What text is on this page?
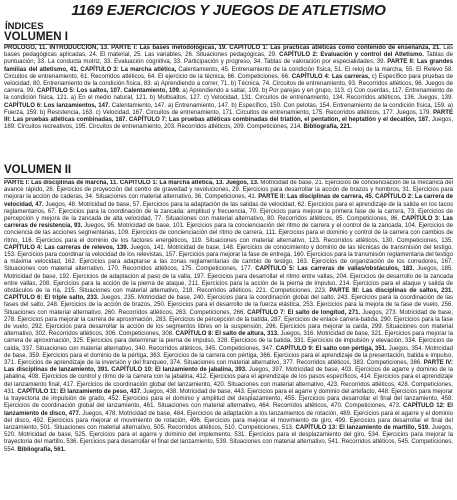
1169 EJERCICIOS Y JUEGOS DE ATLETISMO
ÍNDICES
VOLUMEN I
PROLOGO, 11. INTRODUCCIÓN, 13. PARTE I: Las bases metodológicas, 19. CAPÍTULO 1: Las prácticas atléticas como contenido de enseñanza, 21. Las bases pedagógicas aplicadas, 24. El material, 25. Las variables, 26. Situaciones pedagógicas, 29. CAPÍTULO 2: Evaluación y control del Atletismo. Tablas de puntuación, 33. La conducta motriz, 33. Evaluación cognitiva, 33. Participación y progreso, 34. Tablas de valoración por especialidades, 39. PARTE II: Las grandes familias del atletismo, 41. CAPÍTULO 3: La marcha atlética, Calentamiento, 45. Entrenamiento de la condición física, 51. El reloj de la marcha, 55. El Relevo 58. Circuitos de entrenamiento, 61. Recorridos atléticos, 64. El ejercicio de la técnica, 66. Competiciones, 66. CAPÍTULO 4: Las carreras, c) Específico para pruebas de velocidad, 80. Entrenamiento de la condición física, 83. a) Aprendiendo a correr, 71. b) Técnica, 74. Circuitos de entrenamiento, 93. Recorridos atléticos, 96. Juegos de carrera, 99. CAPÍTULO 5: Los saltos, 107. Calentamiento, 109. a) Aprendiendo a saltar, 109. b) Por parejas y en grupo, 113. c) Con cuerdas, 117. Entrenamiento de la condición física, 121. a) En el medio natural, 121. b) Multisaltos, 127. c) Velocidad, 131. Circuitos de entrenamiento, 134. Recorridos atléticos, 136. Juegos, 139. CAPÍTULO 6: Los lanzamientos, 147. Calentamiento, 147. a) Entrenamiento, 147. b) Específico, 150. Con pelotas, 154. Entrenamiento de la condición física, 159. a) Fuerza, 159. b) Resistencia, 163. c) Velocidad, 167. Circuitos de entrenamiento, 171. Circuitos de entrenamiento, 175. Recorridos atléticos, 177. Juegos, 179. PARTE III: Las pruebas atléticas combinadas, 187. CAPÍTULO 7: Las pruebas atléticas combinadas del triatlón, el pentatlón, el heptatlón y el decatlón, 187. Juegos, 189. Circuitos recreativos, 195. Circuitos de entrenamiento, 203. Recorridos atléticos, 209. Competiciones, 214. Bibliografía, 221.
VOLUMEN II
PARTE I: Las disciplinas de marcha, 11. CAPÍTULO 1: La marcha atlética, 13. Juegos, 13. Motricidad de base, 21. Ejercicios de concienciación de la mecánica del avance rápido, 26. Ejercicios de proyección del centro de gravedad y revoluciones, 29. Ejercicios para desarrollar la acción de brazos y hombros, 31. Ejercicios para mejorar la acción de caderas, 34. Situaciones con material alternativo, 36. Competiciones, 41. PARTE II: Las disciplinas de carrera, 45. CAPÍTULO 2: La carrera de velocidad, 47. Juegos, 48. Motricidad de base, 57. Ejercicios para la adaptación de las salidas de velocidad, 62. Ejercicios para el aprendizaje de la salida en los tacos reglamentarios, 67. Ejercicios para la coordinación de la zancada: amplitud y frecuencia, 70. Ejercicios para mejorar la primera fase de la carrera, 73. Ejercicios de percepción y mejora de la zancada de alta velocidad, 77. Situaciones con material alternativo, 80. Recorridos atléticos, 85. Competiciones, 86. CAPÍTULO 3: Las carreras de resistencia, 93. Juegos, 95. Motricidad de base, 101. Ejercicios para la concienciación del ritmo de carrera y el control de la zancada, 104. Ejercicios de conciencia de las acciones segmentarias, 109. Ejercicios de concienciación del ritmo de carrera, 111. Ejercicios para el dominio y control de la carrera con cambios de ritmo, 116. Ejercicios para el dominio de los factores energéticos, 119. Situaciones con material alternativo, 123. Recorridos atléticos, 130. Competiciones, 135. CAPÍTULO 4: Las carreras de relevos, 139. Juegos, 141. Motricidad de base, 148. Ejercicios de conocimiento y dominio de las técnicas de transmisión del testigo, 153. Ejercicios para coordinar la velocidad de los relevistas, 157. Ejercicios para mejorar la fase de entrega, 160. Ejercicios para la transmisión reglamentaria del testigo a máxima velocidad, 162. Ejercicios para adaptarse a las zonas reglamentarias de cambio de testigo, 163. Ejercicios de organización de los corredores, 167. Situaciones con material alternativo, 170. Recorridos atléticos, 175. Competiciones, 177. CAPÍTULO 5: Las carreras de vallas/obstáculos, 183. Juegos, 185. Motricidad de base, 192. Ejercicios de adaptación al paso de la valla, 197. Ejercicios para desarrollar el ritmo entre vallas, 204. Ejercicios de desarrollo de la zancada entre vallas, 208. Ejercicios para la acción de la pierna de ataque, 211. Ejercicios para la acción de la pierna de impulso, 214. Ejercicios para el ataque y salida de obstáculos de la ría, 215. Situaciones con material alternativo, 218. Recorridos atléticos, 221. Competiciones, 223. PARTE III: Las disciplinas de saltos, 231. CAPÍTULO 6: El triple salto, 233. Juegos, 235. Motricidad de base, 240. Ejercicios para la coordinación global del salto, 243. Ejercicios para la coordinación de las fases del salto, 248. Ejercicios de la acción de brazos, 250. Ejercicios para el desarrollo de la fuerza elástica, 253. Ejercicios para la mejora de la fase de vuelo, 256. Situaciones con material alternativo, 260. Recorridos atléticos, 263. Competiciones, 266. CAPÍTULO 7: El salto de longitud, 271. Juegos, 273. Motricidad de base, 278. Ejercicios para mejorar la carrera de aproximación, 283. Ejercicios de percepción de la batida, 287. Ejercicios de enlace carrera-batida, 290. Ejercicios para la fase de vuelo, 292. Ejercicios para desarrollar la acción de los segmentos libres en la suspensión, 296. Ejercicios para mejorar la caída, 299. Situaciones con material alternativo, 302. Recorridos atléticos, 306. Competiciones, 308. CAPÍTULO 8: El salto de altura, 313. Juegos, 316. Motricidad de base, 321. Ejercicios para mejorar la carrera de aproximación, 325. Ejercicios para determinar la pierna de impulso, 328. Ejercicios de la batida, 331. Ejercicios de impulsión y elevación, 334. Ejercicios de caída, 337. Situaciones con material alternativo, 340. Recorridos atléticos, 345. Competiciones, 347. CAPÍTULO 9: El salto con pértiga, 351. Juegos, 354. Motricidad de base, 359. Ejercicios para el dominio de la pértiga, 363. Ejercicios de la carrera con pértiga, 366. Ejercicios para el aprendizaje de la presentación, batida e impulso, 371. Ejercicios de aprendizaje de la inversión y del franqueo, 374. Situaciones con material alternativo, 377. Recorridos atléticos, 383. Competiciones, 386. PARTE IV: Las disciplinas de lanzamiento, 391. CAPÍTULO 10: El lanzamiento de jabalina, 393. Juegos, 397. Motricidad de base, 403. Ejercicios de agarre y dominio de la jabalina, 408. Ejercicios de control y ritmo de la carrera con la jabalina, 412. Ejercicios para el aprendizaje de los pasos específicos, 414. Ejercicios para el aprendizaje del lanzamiento final, 417. Ejercicios de coordinación global del lanzamiento, 420. Situaciones con material alternativo, 423. Recorridos atléticos, 428. Competiciones, 431. CAPÍTULO 11: El lanzamiento de peso, 437. Juegos, 438. Motricidad de base, 443. Ejercicios para el agarre y dominio del artefacto, 448. Ejercicios para mejorar la trayectoria de impulsión de grado, 452. Ejercicios para el dominio y amplitud del desplazamiento, 455. Ejercicios para desarrollar el final del lanzamiento, 458. Ejercicios de coordinación global del lanzamiento, 461. Situaciones con material alternativo, 464. Recorridos atléticos, 470. Competiciones, 473. CAPÍTULO 12: El lanzamiento de disco, 477. Juegos, 478. Motricidad de base, 484. Ejercicios de adaptación a los lanzamientos de rotación, 489. Ejercicios para el agarre y el dominio del disco, 492. Ejercicios para mejorar el movimiento de rotación, 496. Ejercicios para mejorar el movimiento de giro, 499. Ejercicios para desarrollar el final del lanzamiento, 501. Situaciones con material alternativo, 505. Recorridos atléticos, 510. Competiciones, 513. CAPÍTULO 13: El lanzamiento de martillo, 519. Juegos, 520. Motricidad de base, 525. Ejercicios para el agarre y dominio del implemento, 531. Ejercicios para el desplazamiento del giro, 534. Ejercicios para mejorar la trayectoria del martillo, 536. Ejercicios para desarrollar el final del lanzamiento, 539. Situaciones con material alternativo, 541. Recorridos atléticos, 545. Competiciones, 554. Bibliografía, 561.
